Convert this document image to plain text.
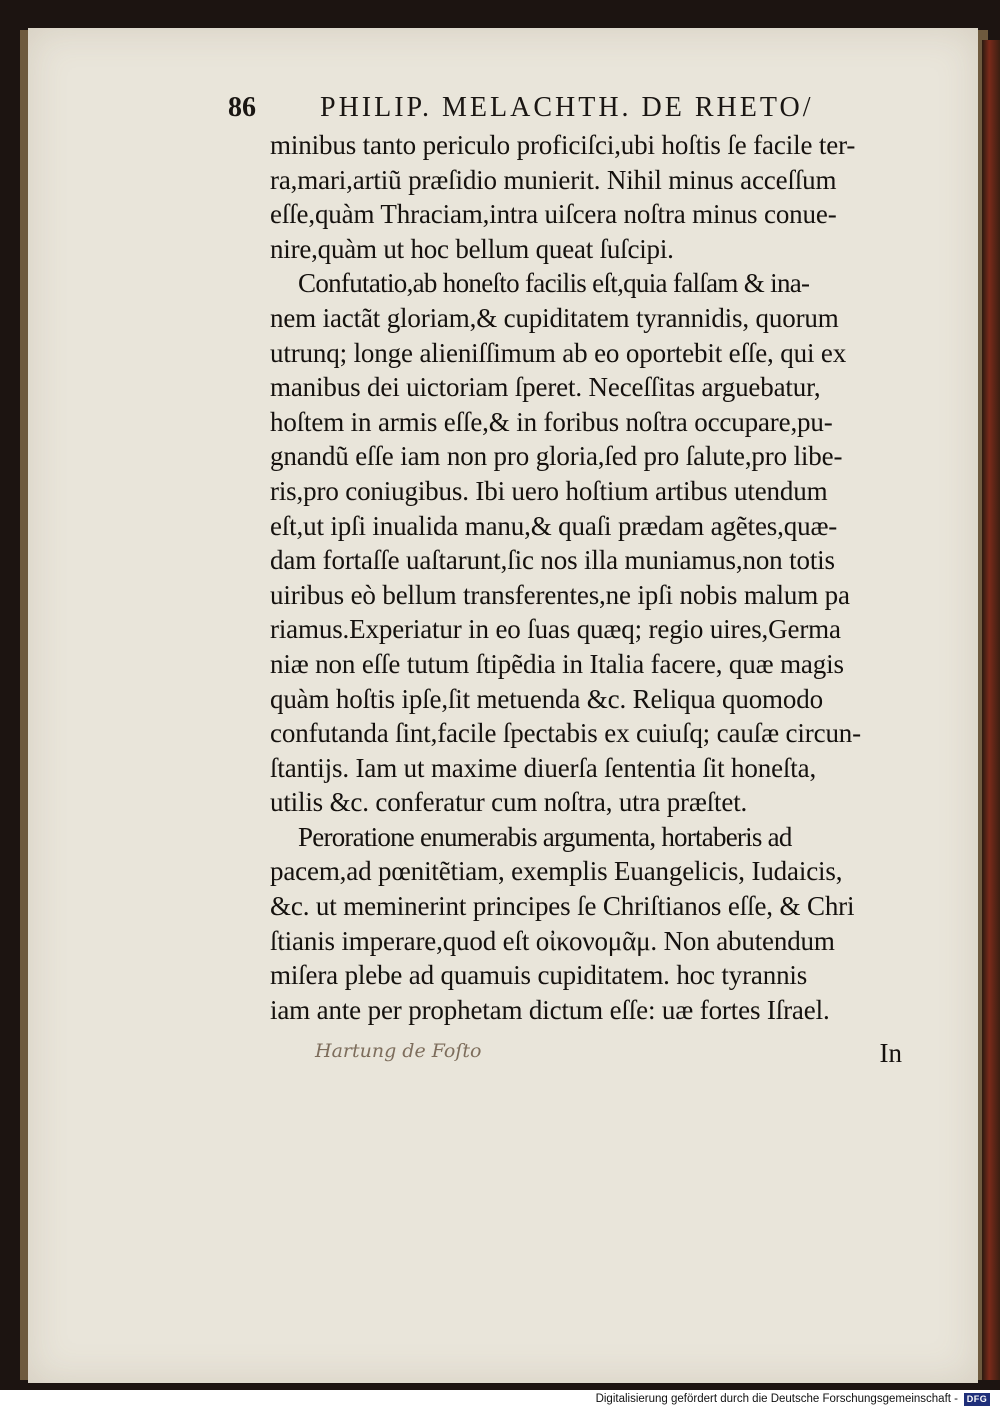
86 PHILIP. MELACHTH. DE RHETO/
minibus tanto periculo proficiſci,ubi hoſtis ſe facile ter-
ra,mari,artiũ præſidio munierit. Nihil minus acceſſum
eſſe,quàm Thraciam,intra uiſcera noſtra minus conue-
nire,quàm ut hoc bellum queat ſuſcipi.
Confutatio,ab honeſto facilis eſt,quia falſam & ina-
nem iactãt gloriam,& cupiditatem tyrannidis, quorum
utrunq; longe alieniſſimum ab eo oportebit eſſe, qui ex
manibus dei uictoriam ſperet. Neceſſitas arguebatur,
hoſtem in armis eſſe,& in foribus noſtra occupare,pu-
gnandũ eſſe iam non pro gloria,ſed pro ſalute,pro libe-
ris,pro coniugibus. Ibi uero hoſtium artibus utendum
eſt,ut ipſi inualida manu,& quaſi prædam agẽtes,quæ-
dam fortaſſe uaſtarunt,ſic nos illa muniamus,non totis
uiribus eò bellum transferentes,ne ipſi nobis malum pa
riamus.Experiatur in eo ſuas quæq; regio uires,Germa
niæ non eſſe tutum ſtipẽdia in Italia facere, quæ magis
quàm hoſtis ipſe,ſit metuenda &c. Reliqua quomodo
confutanda ſint,facile ſpectabis ex cuiuſq; cauſæ circun-
ſtantijs. Iam ut maxime diuerſa ſententia ſit honeſta,
utilis &c. conferatur cum noſtra, utra præſtet.
Peroratione enumerabis argumenta, hortaberis ad
pacem,ad pœnitẽtiam, exemplis Euangelicis, Iudaicis,
&c. ut meminerint principes ſe Chriſtianos eſſe, & Chri
ſtianis imperare,quod eſt οἰκονομᾶμ. Non abutendum
miſera plebe ad quamuis cupiditatem. hoc tyrannis
iam ante per prophetam dictum eſſe: uæ fortes Iſrael.
Hartung de Foſto	In
Digitalisierung gefördert durch die Deutsche Forschungsgemeinschaft - DFG
